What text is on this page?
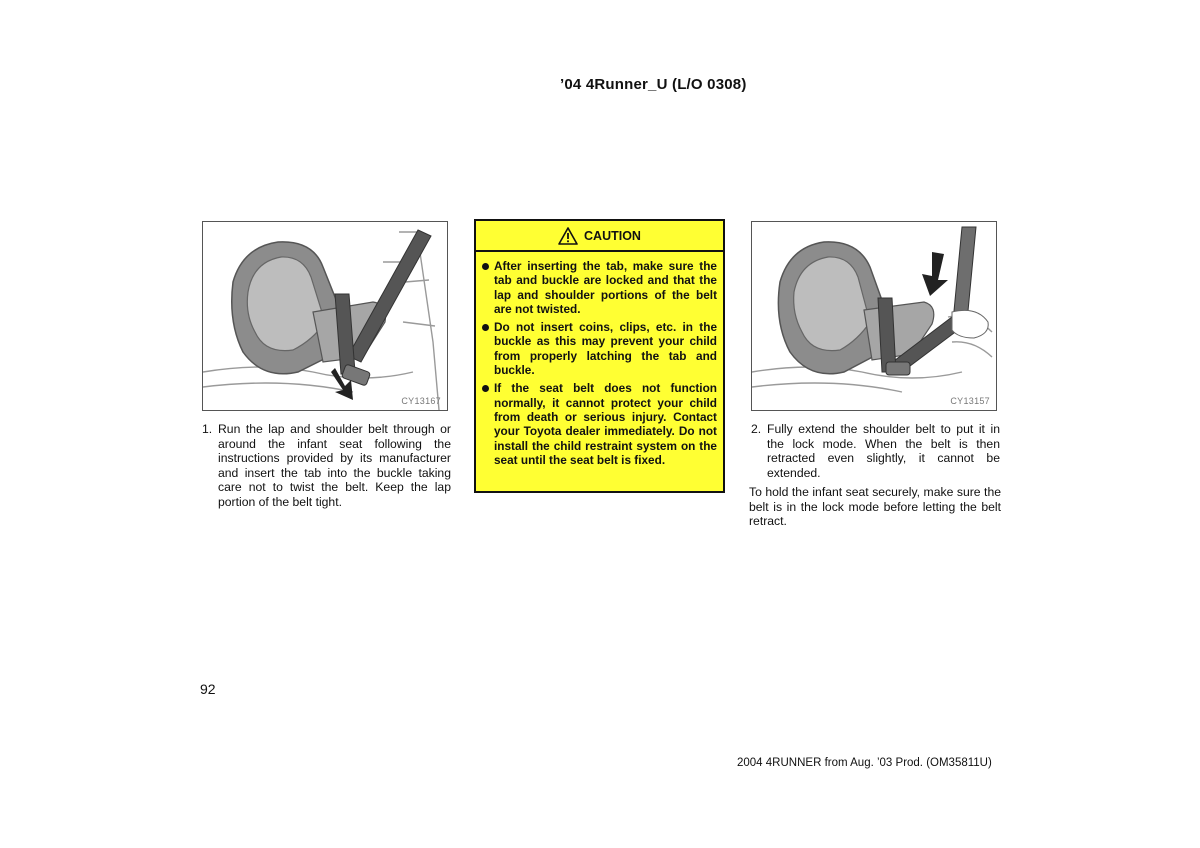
’04 4Runner_U (L/O 0308)
CY13167
1. Run the lap and shoulder belt through or around the infant seat following the instructions provided by its manufacturer and insert the tab into the buckle taking care not to twist the belt. Keep the lap portion of the belt tight.
CAUTION
After inserting the tab, make sure the tab and buckle are locked and that the lap and shoulder portions of the belt are not twisted.
Do not insert coins, clips, etc. in the buckle as this may prevent your child from properly latching the tab and buckle.
If the seat belt does not function normally, it cannot protect your child from death or serious injury. Contact your Toyota dealer immediately. Do not install the child restraint system on the seat until the seat belt is fixed.
CY13157
2. Fully extend the shoulder belt to put it in the lock mode. When the belt is then retracted even slightly, it cannot be extended.
To hold the infant seat securely, make sure the belt is in the lock mode before letting the belt retract.
92
2004 4RUNNER from Aug. ’03 Prod. (OM35811U)
